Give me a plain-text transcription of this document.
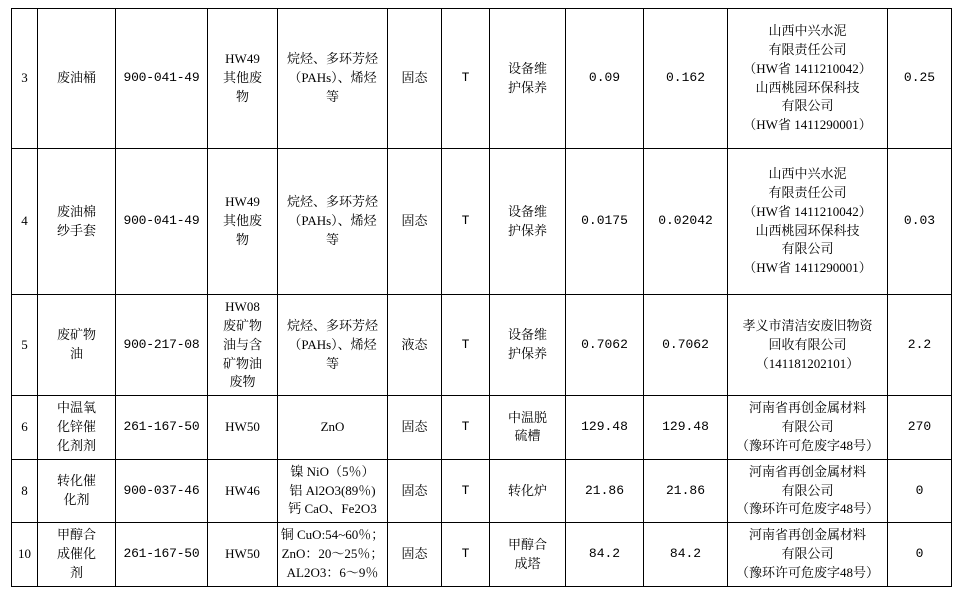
3	废油桶	900-041-49	HW49
其他废
物	烷烃、多环芳烃
（PAHs）、烯烃
等	固态	T	设备维
护保养	0.09	0.162	山西中兴水泥
有限责任公司
（HW省 1411210042）
山西桃园环保科技
有限公司
（HW省 1411290001）	0.25
4	废油棉
纱手套	900-041-49	HW49
其他废
物	烷烃、多环芳烃
（PAHs）、烯烃
等	固态	T	设备维
护保养	0.0175	0.02042	山西中兴水泥
有限责任公司
（HW省 1411210042）
山西桃园环保科技
有限公司
（HW省 1411290001）	0.03
5	废矿物
油	900-217-08	HW08
废矿物
油与含
矿物油
废物	烷烃、多环芳烃
（PAHs）、烯烃
等	液态	T	设备维
护保养	0.7062	0.7062	孝义市清洁安废旧物资
回收有限公司
（141181202101）	2.2
6	中温氧
化锌催
化剂剂	261-167-50	HW50	ZnO	固态	T	中温脱
硫槽	129.48	129.48	河南省再创金属材料
有限公司
（豫环许可危废字48号）	270
8	转化催
化剂	900-037-46	HW46	镍 NiO（5％）
铝 Al2O3(89％)
钙 CaO、Fe2O3	固态	T	转化炉	21.86	21.86	河南省再创金属材料
有限公司
（豫环许可危废字48号）	0
10	甲醇合
成催化
剂	261-167-50	HW50	铜 CuO:54~60％；
ZnO：20～25％；
AL2O3：6～9％	固态	T	甲醇合
成塔	84.2	84.2	河南省再创金属材料
有限公司
（豫环许可危废字48号）	0
